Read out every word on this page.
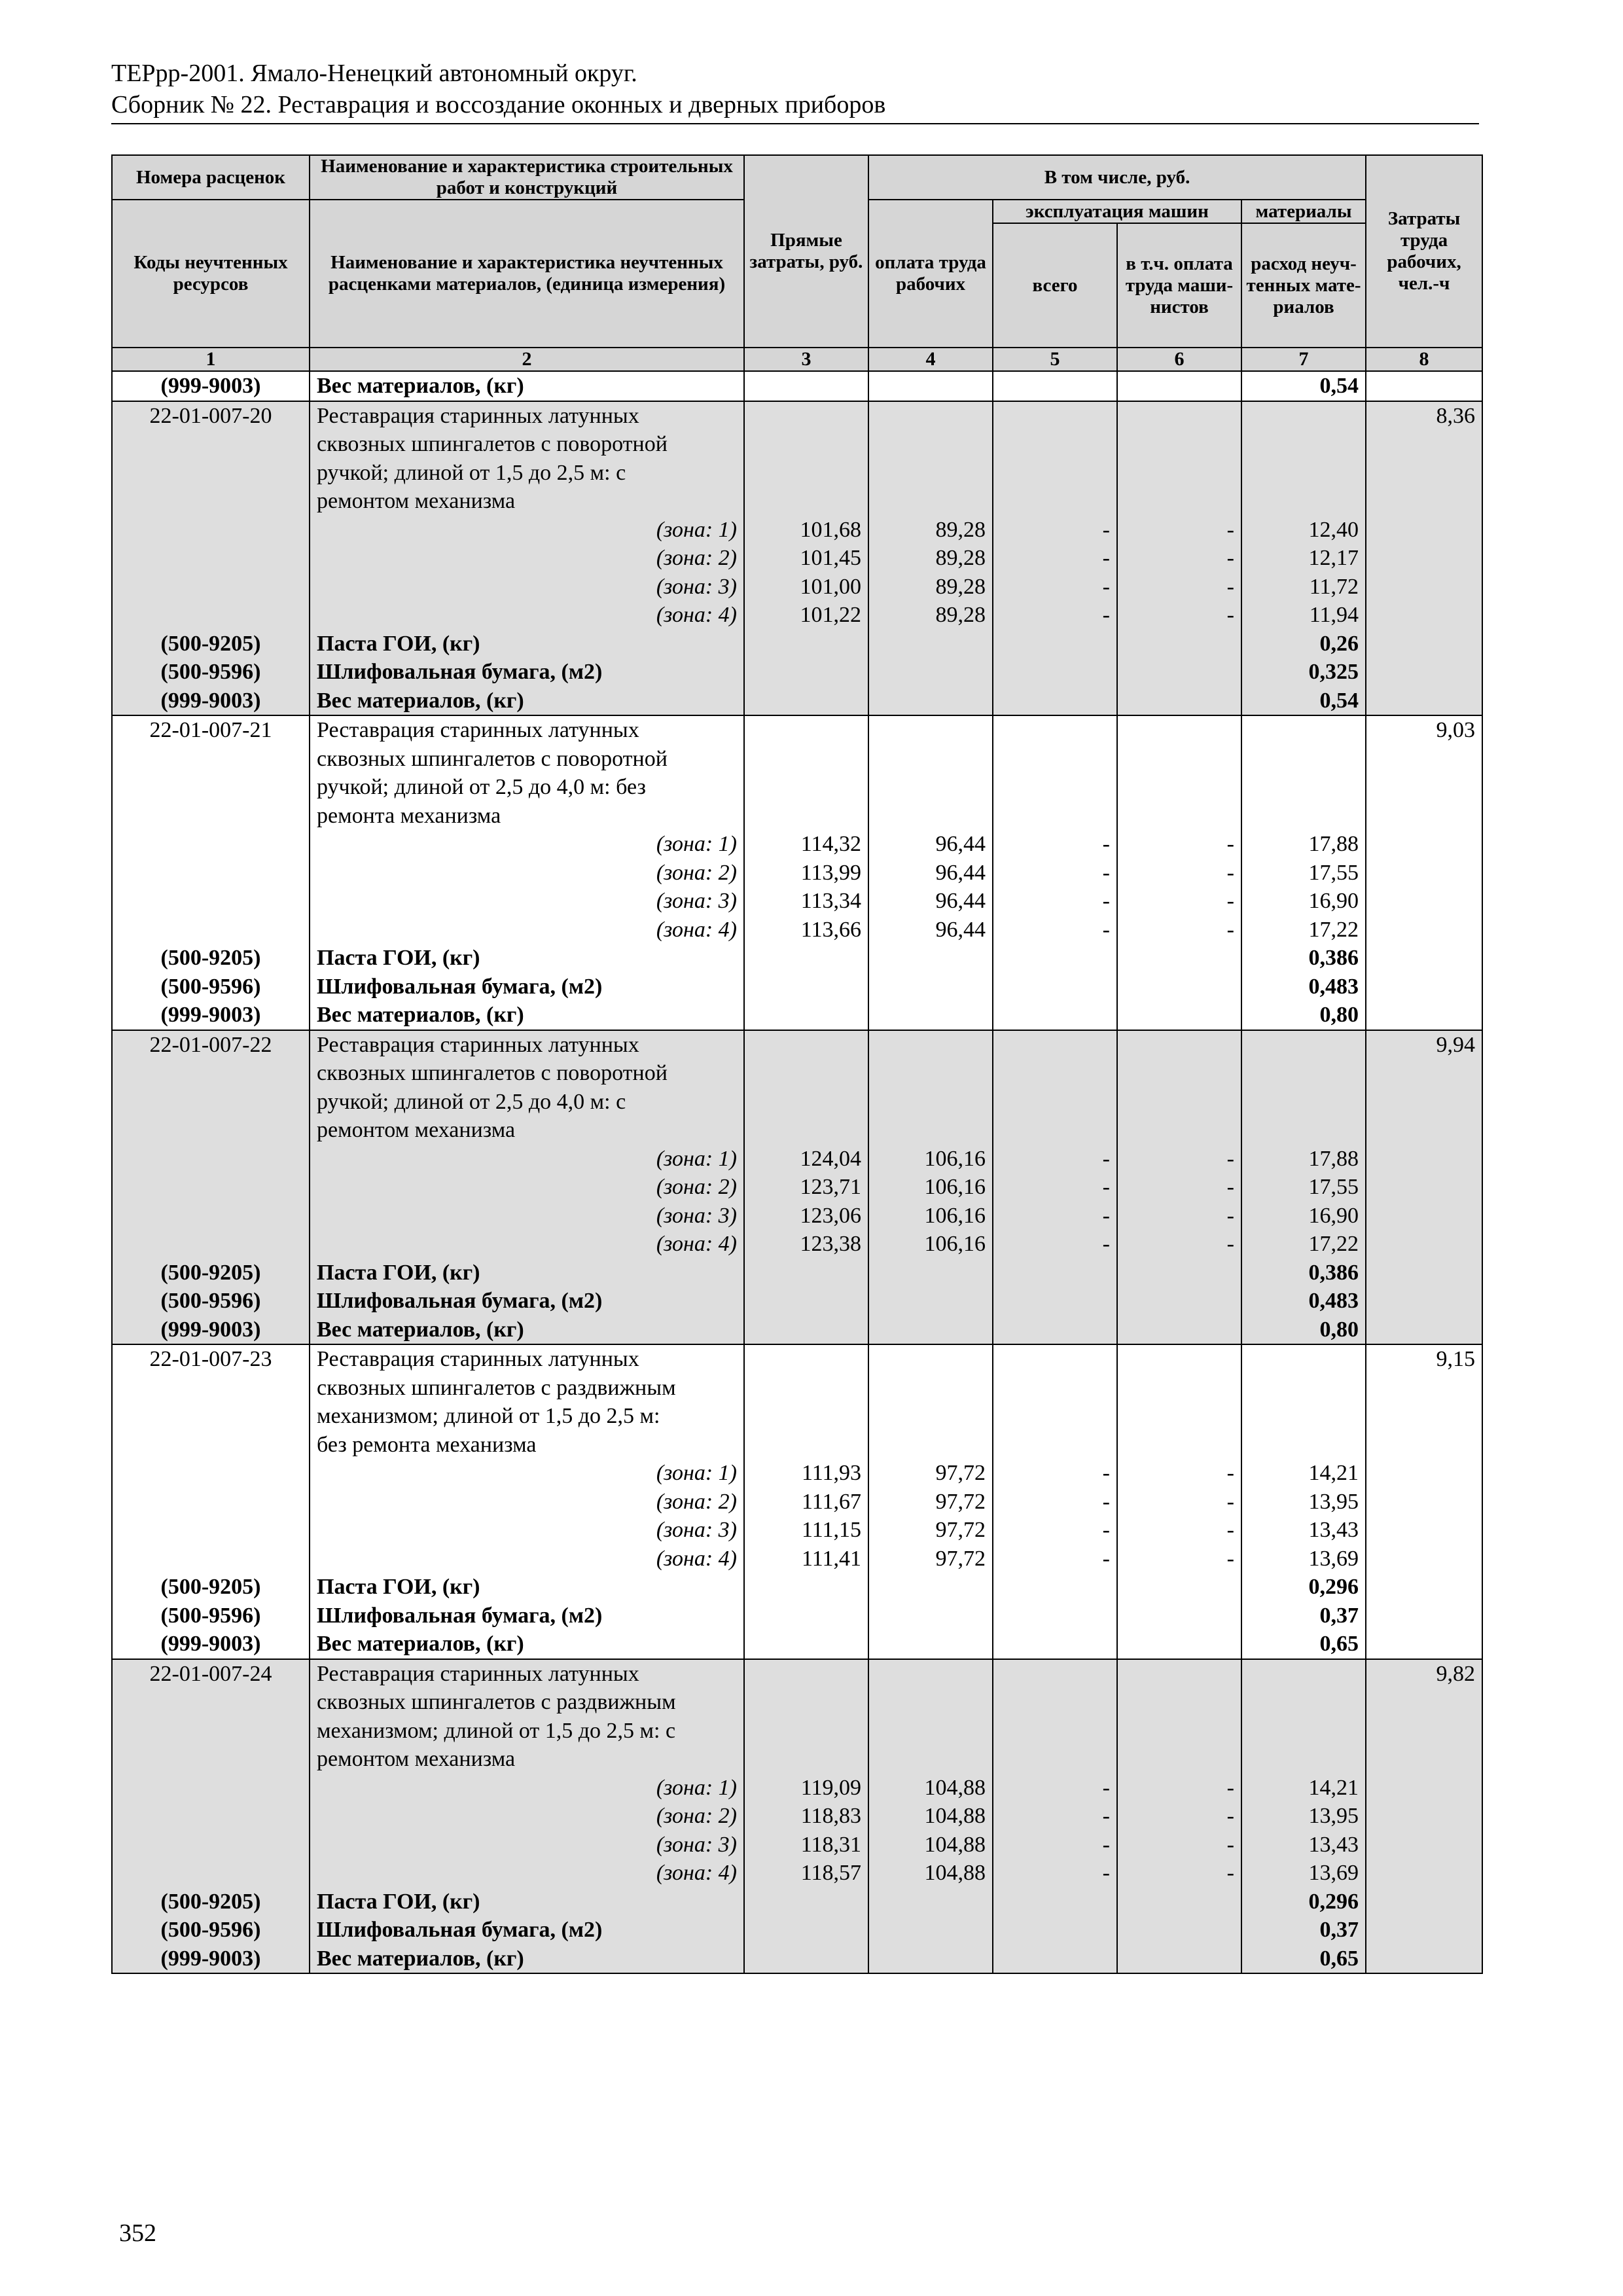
ТЕРрр-2001. Ямало-Ненецкий автономный округ.
Сборник № 22. Реставрация и воссоздание оконных и дверных приборов
Номера расценок	Наименование и характеристика строительных работ и конструкций	Прямые затраты, руб.	В том числе, руб.				Затраты труда рабочих, чел.-ч
Коды неучтенных ресурсов	Наименование и характеристика неучтенных расценками материалов, (единица измерения)		оплата труда рабочих	эксплуатация машин		материалы	
				всего	в т.ч. оплата труда маши-нистов	расход неуч-тенных мате-риалов	
1	2	3	4	5	6	7	8
(999-9003)	Вес материалов, (кг)					0,54	
22-01-007-20	Реставрация старинных латунных						8,36
	сквозных шпингалетов с поворотной						
	ручкой; длиной от 1,5 до 2,5 м: с						
	ремонтом механизма						
	(зона: 1)	101,68	89,28	-	-	12,40	
	(зона: 2)	101,45	89,28	-	-	12,17	
	(зона: 3)	101,00	89,28	-	-	11,72	
	(зона: 4)	101,22	89,28	-	-	11,94	
(500-9205)	Паста ГОИ, (кг)					0,26	
(500-9596)	Шлифовальная бумага, (м2)					0,325	
(999-9003)	Вес материалов, (кг)					0,54	
22-01-007-21	Реставрация старинных латунных						9,03
	сквозных шпингалетов с поворотной						
	ручкой; длиной от 2,5 до 4,0 м: без						
	ремонта механизма						
	(зона: 1)	114,32	96,44	-	-	17,88	
	(зона: 2)	113,99	96,44	-	-	17,55	
	(зона: 3)	113,34	96,44	-	-	16,90	
	(зона: 4)	113,66	96,44	-	-	17,22	
(500-9205)	Паста ГОИ, (кг)					0,386	
(500-9596)	Шлифовальная бумага, (м2)					0,483	
(999-9003)	Вес материалов, (кг)					0,80	
22-01-007-22	Реставрация старинных латунных						9,94
	сквозных шпингалетов с поворотной						
	ручкой; длиной от 2,5 до 4,0 м: с						
	ремонтом механизма						
	(зона: 1)	124,04	106,16	-	-	17,88	
	(зона: 2)	123,71	106,16	-	-	17,55	
	(зона: 3)	123,06	106,16	-	-	16,90	
	(зона: 4)	123,38	106,16	-	-	17,22	
(500-9205)	Паста ГОИ, (кг)					0,386	
(500-9596)	Шлифовальная бумага, (м2)					0,483	
(999-9003)	Вес материалов, (кг)					0,80	
22-01-007-23	Реставрация старинных латунных						9,15
	сквозных шпингалетов с раздвижным						
	механизмом; длиной от 1,5 до 2,5 м:						
	без ремонта механизма						
	(зона: 1)	111,93	97,72	-	-	14,21	
	(зона: 2)	111,67	97,72	-	-	13,95	
	(зона: 3)	111,15	97,72	-	-	13,43	
	(зона: 4)	111,41	97,72	-	-	13,69	
(500-9205)	Паста ГОИ, (кг)					0,296	
(500-9596)	Шлифовальная бумага, (м2)					0,37	
(999-9003)	Вес материалов, (кг)					0,65	
22-01-007-24	Реставрация старинных латунных						9,82
	сквозных шпингалетов с раздвижным						
	механизмом; длиной от 1,5 до 2,5 м: с						
	ремонтом механизма						
	(зона: 1)	119,09	104,88	-	-	14,21	
	(зона: 2)	118,83	104,88	-	-	13,95	
	(зона: 3)	118,31	104,88	-	-	13,43	
	(зона: 4)	118,57	104,88	-	-	13,69	
(500-9205)	Паста ГОИ, (кг)					0,296	
(500-9596)	Шлифовальная бумага, (м2)					0,37	
(999-9003)	Вес материалов, (кг)					0,65	
352
